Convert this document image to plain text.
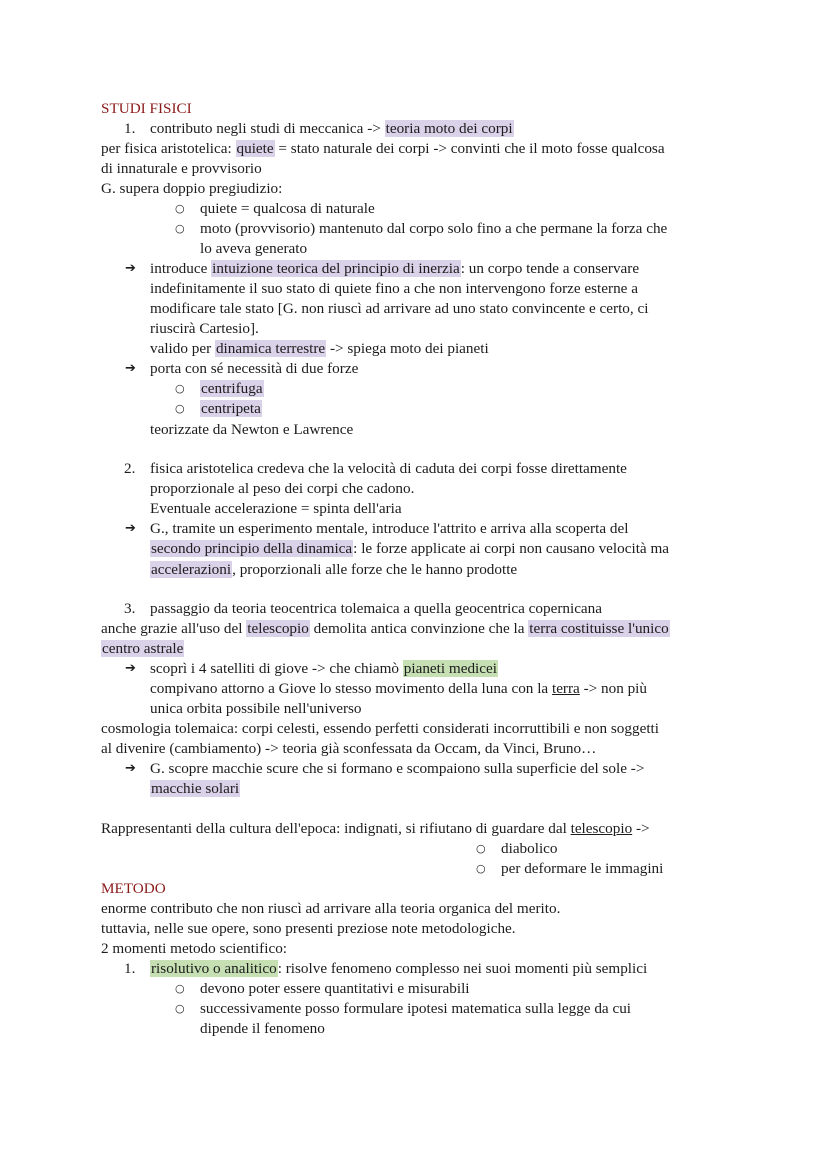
STUDI FISICI
1. contributo negli studi di meccanica -> teoria moto dei corpi
per fisica aristotelica: quiete = stato naturale dei corpi -> convinti che il moto fosse qualcosa
di innaturale e provvisorio
G. supera doppio pregiudizio:
○ quiete = qualcosa di naturale
○ moto (provvisorio) mantenuto dal corpo solo fino a che permane la forza che
lo aveva generato
➔ introduce intuizione teorica del principio di inerzia: un corpo tende a conservare
indefinitamente il suo stato di quiete fino a che non intervengono forze esterne a
modificare tale stato [G. non riuscì ad arrivare ad uno stato convincente e certo, ci
riuscirà Cartesio].
valido per dinamica terrestre -> spiega moto dei pianeti
➔ porta con sé necessità di due forze
○ centrifuga
○ centripeta
teorizzate da Newton e Lawrence
2. fisica aristotelica credeva che la velocità di caduta dei corpi fosse direttamente
proporzionale al peso dei corpi che cadono.
Eventuale accelerazione = spinta dell'aria
➔ G., tramite un esperimento mentale, introduce l'attrito e arriva alla scoperta del
secondo principio della dinamica: le forze applicate ai corpi non causano velocità ma
accelerazioni, proporzionali alle forze che le hanno prodotte
3. passaggio da teoria teocentrica tolemaica a quella geocentrica copernicana
anche grazie all'uso del telescopio demolita antica convinzione che la terra costituisse l'unico
centro astrale
➔ scoprì i 4 satelliti di giove -> che chiamò pianeti medicei
compivano attorno a Giove lo stesso movimento della luna con la terra -> non più
unica orbita possibile nell'universo
cosmologia tolemaica: corpi celesti, essendo perfetti considerati incorruttibili e non soggetti
al divenire (cambiamento) -> teoria già sconfessata da Occam, da Vinci, Bruno…
➔ G. scopre macchie scure che si formano e scompaiono sulla superficie del sole ->
macchie solari
Rappresentanti della cultura dell'epoca: indignati, si rifiutano di guardare dal telescopio ->
○ diabolico
○ per deformare le immagini
METODO
enorme contributo che non riuscì ad arrivare alla teoria organica del merito.
tuttavia, nelle sue opere, sono presenti preziose note metodologiche.
2 momenti metodo scientifico:
1. risolutivo o analitico: risolve fenomeno complesso nei suoi momenti più semplici
○ devono poter essere quantitativi e misurabili
○ successivamente posso formulare ipotesi matematica sulla legge da cui
dipende il fenomeno
